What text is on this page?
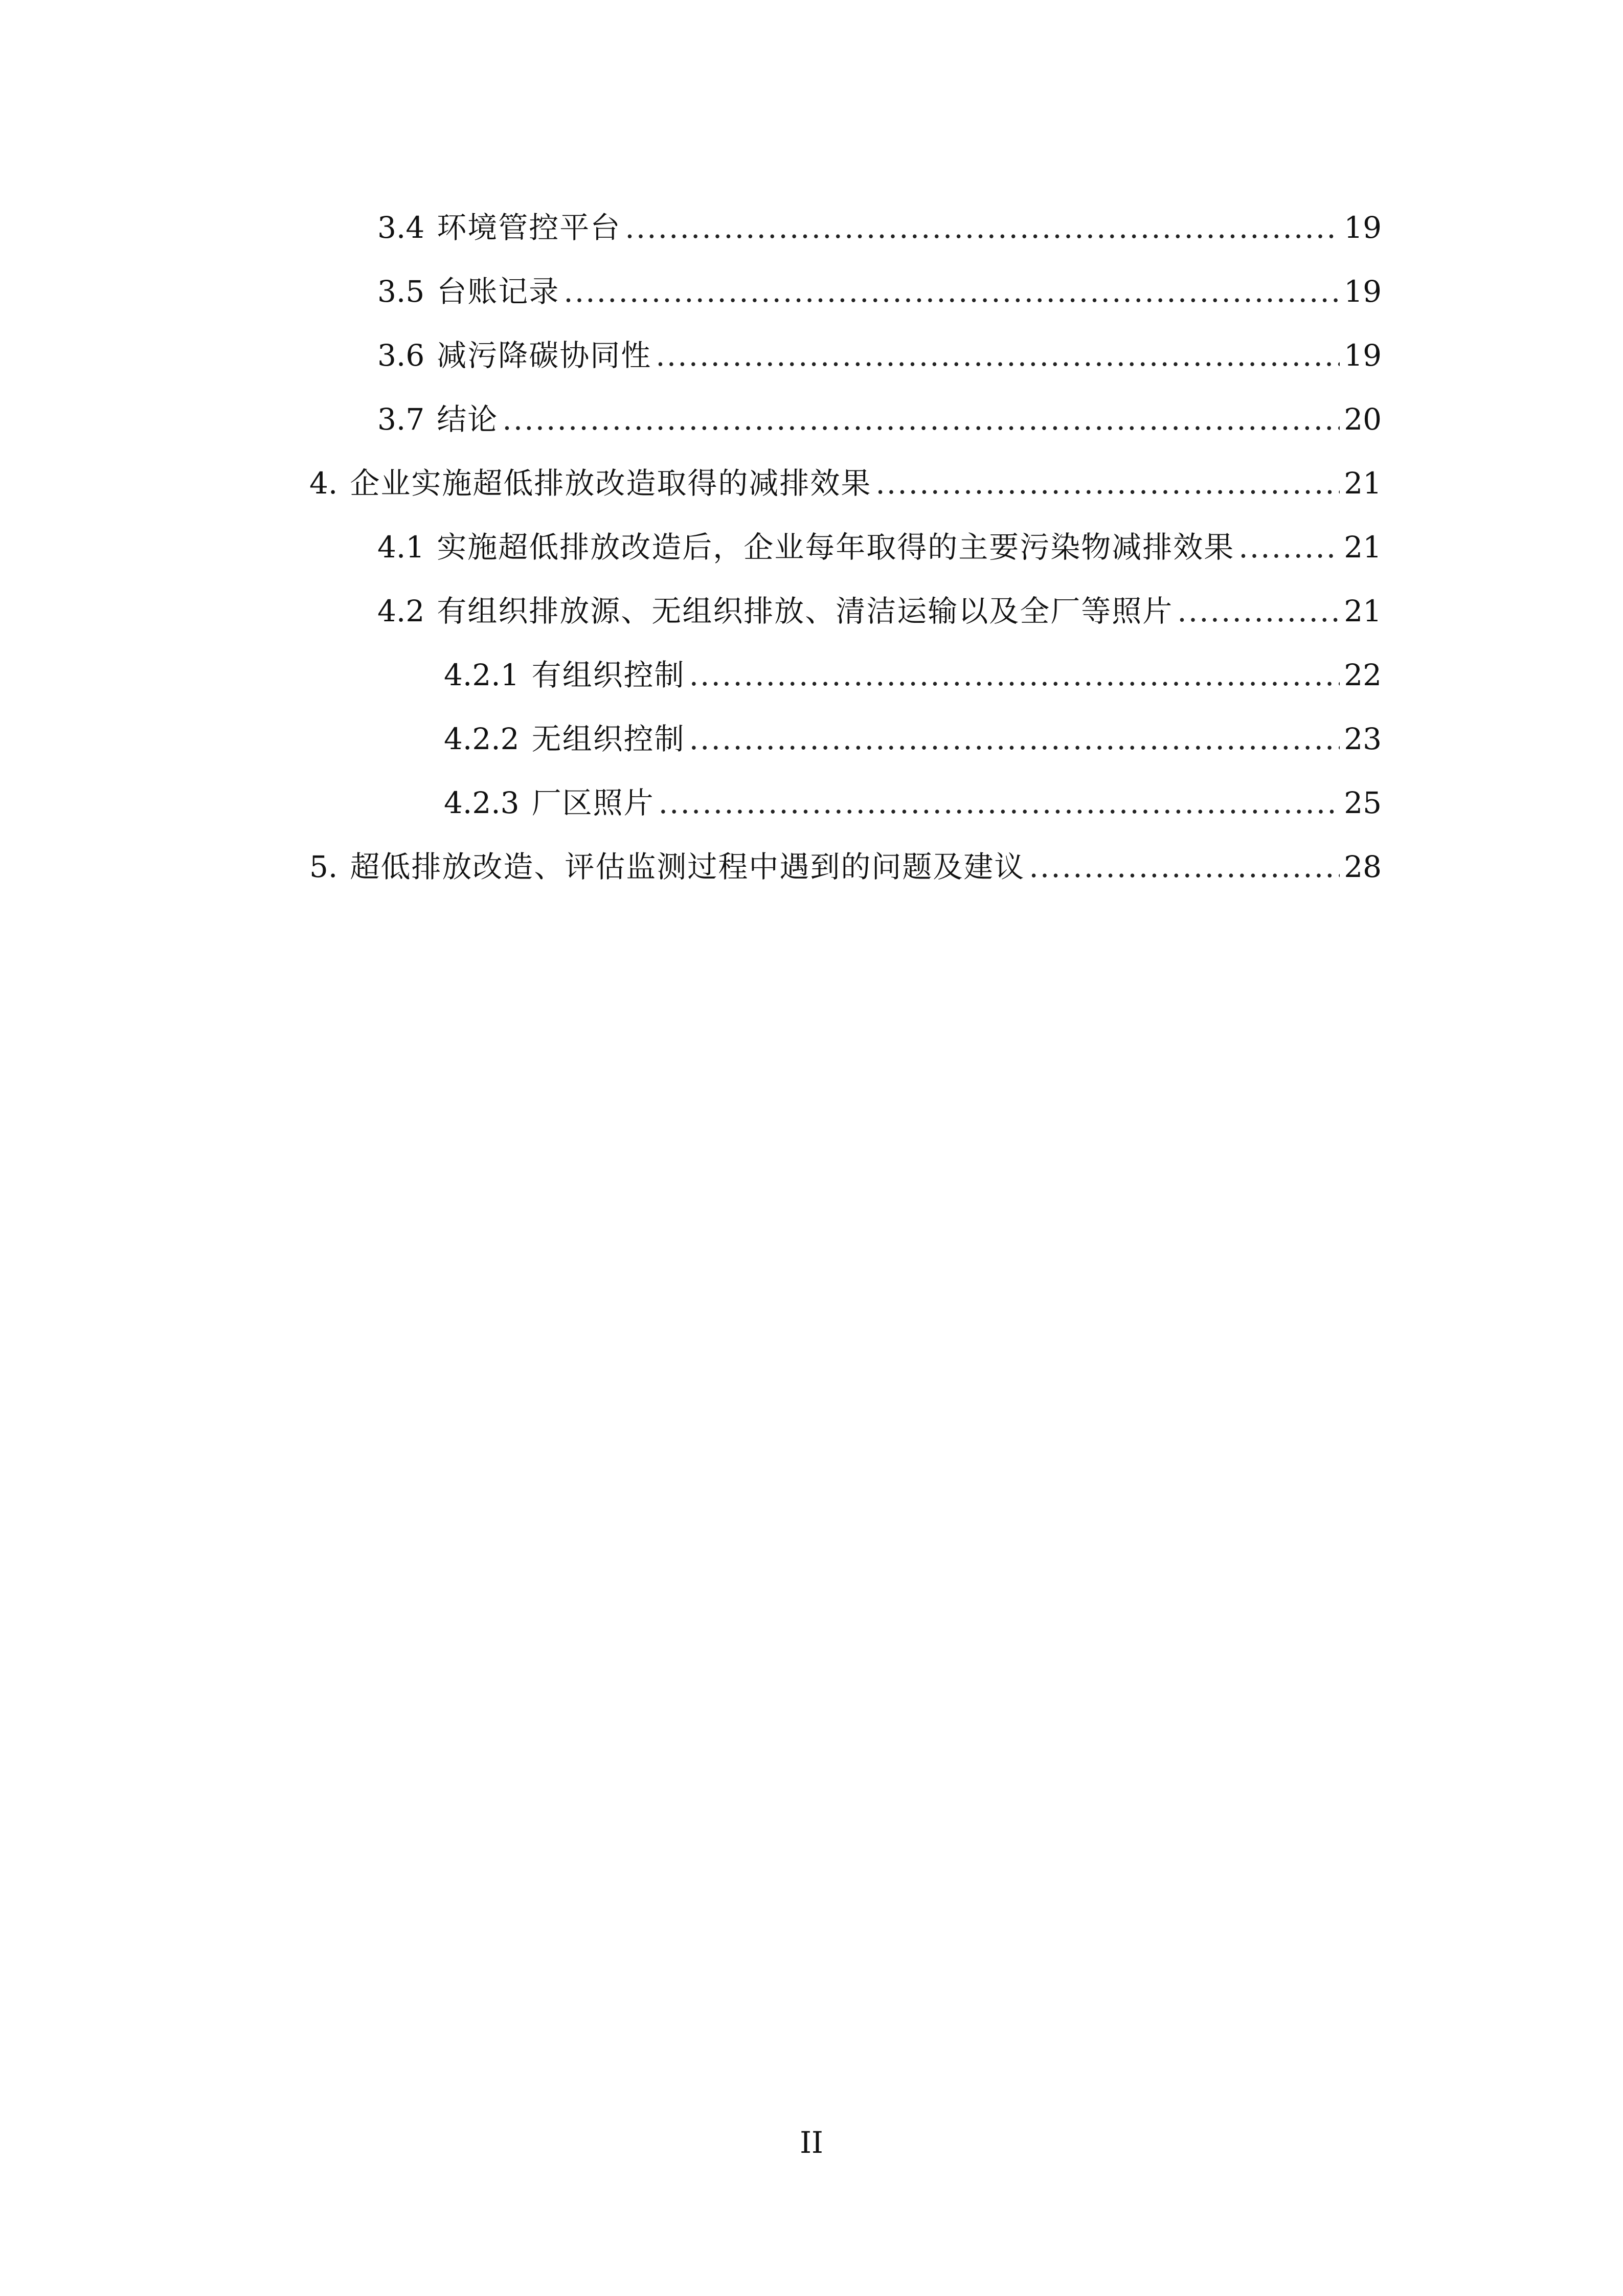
3.4 环境管控平台 .....	19
3.5 台账记录 .....	19
3.6 减污降碳协同性 .....	19
3.7 结论 .....	20
4. 企业实施超低排放改造取得的减排效果 .....	21
4.1 实施超低排放改造后，企业每年取得的主要污染物减排效果 .....	21
4.2 有组织排放源、无组织排放、清洁运输以及全厂等照片 .....	21
4.2.1 有组织控制 .....	22
4.2.2 无组织控制 .....	23
4.2.3 厂区照片 .....	25
5. 超低排放改造、评估监测过程中遇到的问题及建议 .....	28
II
